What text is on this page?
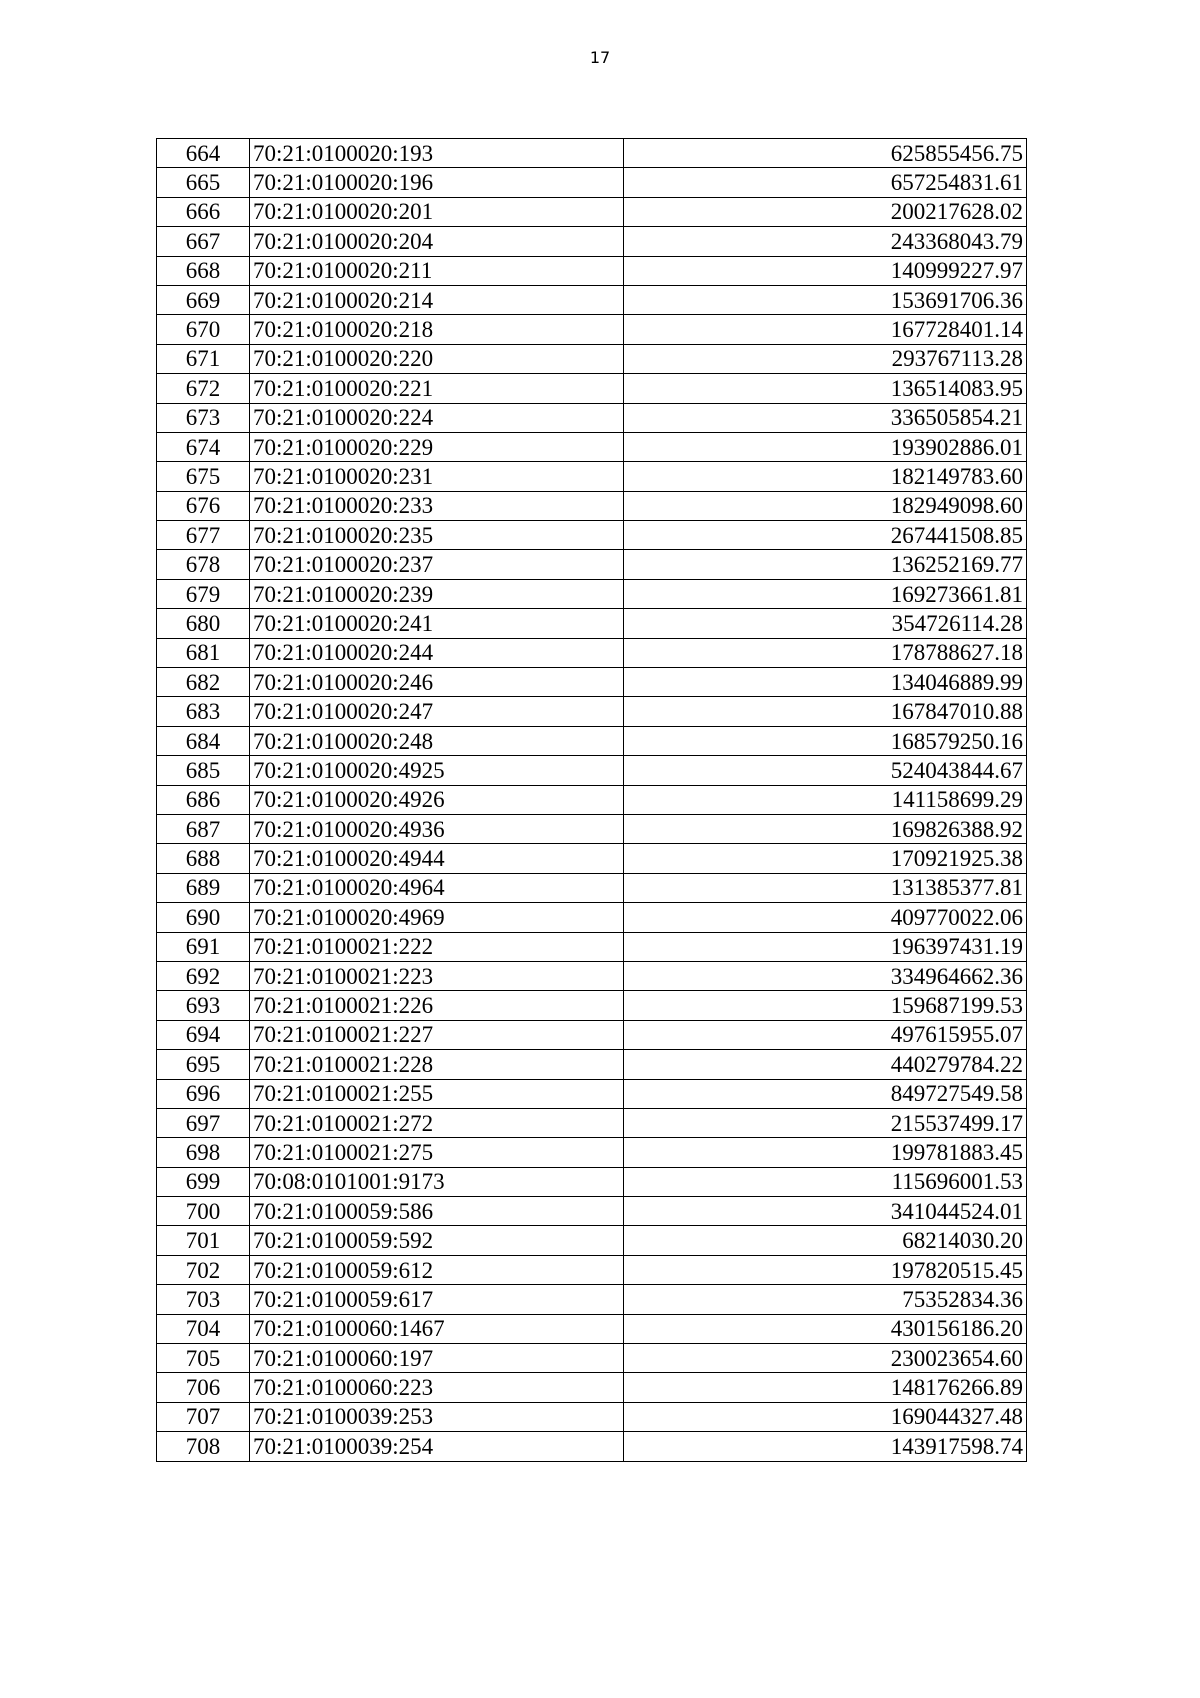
17
664	70:21:0100020:193	625855456.75
665	70:21:0100020:196	657254831.61
666	70:21:0100020:201	200217628.02
667	70:21:0100020:204	243368043.79
668	70:21:0100020:211	140999227.97
669	70:21:0100020:214	153691706.36
670	70:21:0100020:218	167728401.14
671	70:21:0100020:220	293767113.28
672	70:21:0100020:221	136514083.95
673	70:21:0100020:224	336505854.21
674	70:21:0100020:229	193902886.01
675	70:21:0100020:231	182149783.60
676	70:21:0100020:233	182949098.60
677	70:21:0100020:235	267441508.85
678	70:21:0100020:237	136252169.77
679	70:21:0100020:239	169273661.81
680	70:21:0100020:241	354726114.28
681	70:21:0100020:244	178788627.18
682	70:21:0100020:246	134046889.99
683	70:21:0100020:247	167847010.88
684	70:21:0100020:248	168579250.16
685	70:21:0100020:4925	524043844.67
686	70:21:0100020:4926	141158699.29
687	70:21:0100020:4936	169826388.92
688	70:21:0100020:4944	170921925.38
689	70:21:0100020:4964	131385377.81
690	70:21:0100020:4969	409770022.06
691	70:21:0100021:222	196397431.19
692	70:21:0100021:223	334964662.36
693	70:21:0100021:226	159687199.53
694	70:21:0100021:227	497615955.07
695	70:21:0100021:228	440279784.22
696	70:21:0100021:255	849727549.58
697	70:21:0100021:272	215537499.17
698	70:21:0100021:275	199781883.45
699	70:08:0101001:9173	115696001.53
700	70:21:0100059:586	341044524.01
701	70:21:0100059:592	68214030.20
702	70:21:0100059:612	197820515.45
703	70:21:0100059:617	75352834.36
704	70:21:0100060:1467	430156186.20
705	70:21:0100060:197	230023654.60
706	70:21:0100060:223	148176266.89
707	70:21:0100039:253	169044327.48
708	70:21:0100039:254	143917598.74
